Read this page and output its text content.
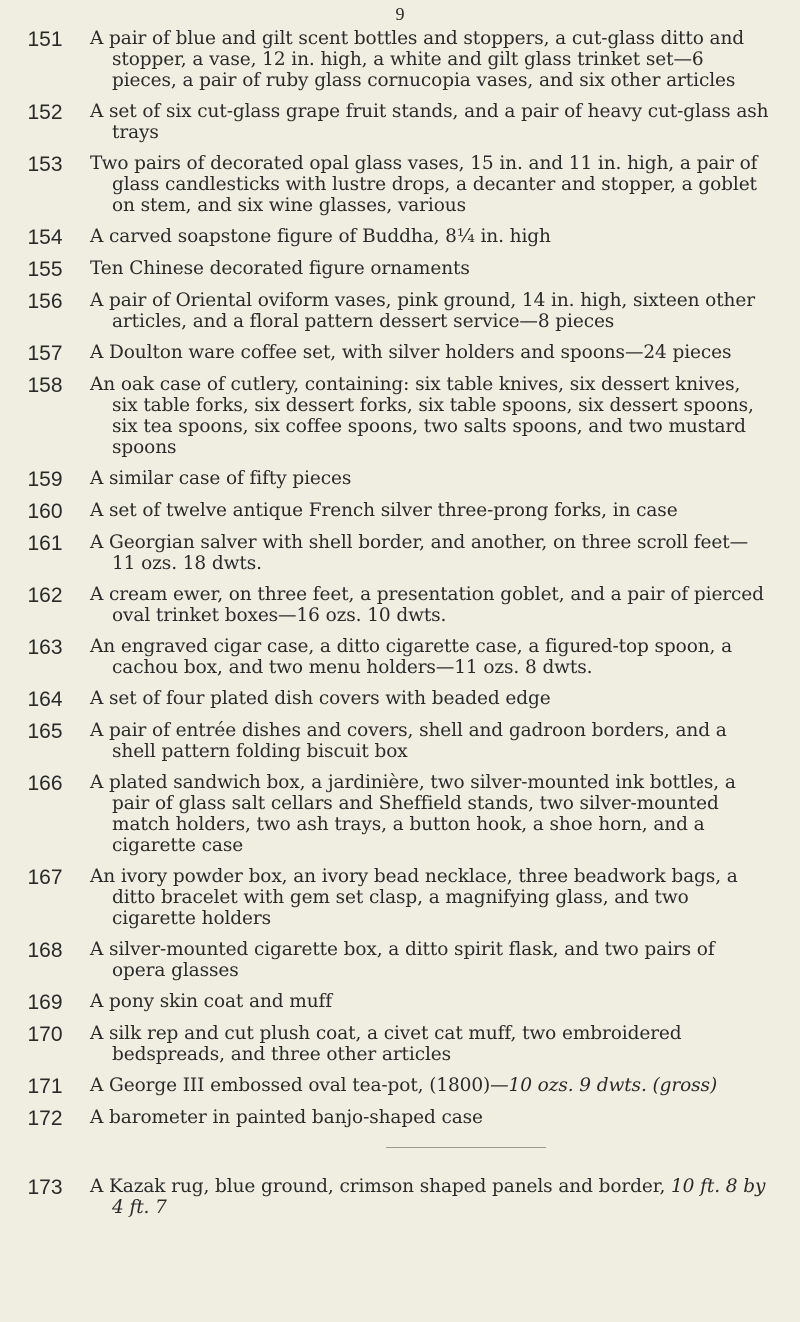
9
151	A pair of blue and gilt scent bottles and stoppers, a cut-glass ditto and stopper, a vase, 12 in. high, a white and gilt glass trinket set—6 pieces, a pair of ruby glass cornucopia vases, and six other articles
152	A set of six cut-glass grape fruit stands, and a pair of heavy cut-glass ash trays
153	Two pairs of decorated opal glass vases, 15 in. and 11 in. high, a pair of glass candlesticks with lustre drops, a decanter and stopper, a goblet on stem, and six wine glasses, various
154	A carved soapstone figure of Buddha, 8¼ in. high
155	Ten Chinese decorated figure ornaments
156	A pair of Oriental oviform vases, pink ground, 14 in. high, sixteen other articles, and a floral pattern dessert service—8 pieces
157	A Doulton ware coffee set, with silver holders and spoons—24 pieces
158	An oak case of cutlery, containing: six table knives, six dessert knives, six table forks, six dessert forks, six table spoons, six dessert spoons, six tea spoons, six coffee spoons, two salts spoons, and two mustard spoons
159	A similar case of fifty pieces
160	A set of twelve antique French silver three-prong forks, in case
161	A Georgian salver with shell border, and another, on three scroll feet—11 ozs. 18 dwts.
162	A cream ewer, on three feet, a presentation goblet, and a pair of pierced oval trinket boxes—16 ozs. 10 dwts.
163	An engraved cigar case, a ditto cigarette case, a figured-top spoon, a cachou box, and two menu holders—11 ozs. 8 dwts.
164	A set of four plated dish covers with beaded edge
165	A pair of entrée dishes and covers, shell and gadroon borders, and a shell pattern folding biscuit box
166	A plated sandwich box, a jardinière, two silver-mounted ink bottles, a pair of glass salt cellars and Sheffield stands, two silver-mounted match holders, two ash trays, a button hook, a shoe horn, and a cigarette case
167	An ivory powder box, an ivory bead necklace, three beadwork bags, a ditto bracelet with gem set clasp, a magnifying glass, and two cigarette holders
168	A silver-mounted cigarette box, a ditto spirit flask, and two pairs of opera glasses
169	A pony skin coat and muff
170	A silk rep and cut plush coat, a civet cat muff, two embroidered bedspreads, and three other articles
171	A George III embossed oval tea-pot, (1800)—10 ozs. 9 dwts. (gross)
172	A barometer in painted banjo-shaped case
173	A Kazak rug, blue ground, crimson shaped panels and border, 10 ft. 8 by 4 ft. 7
